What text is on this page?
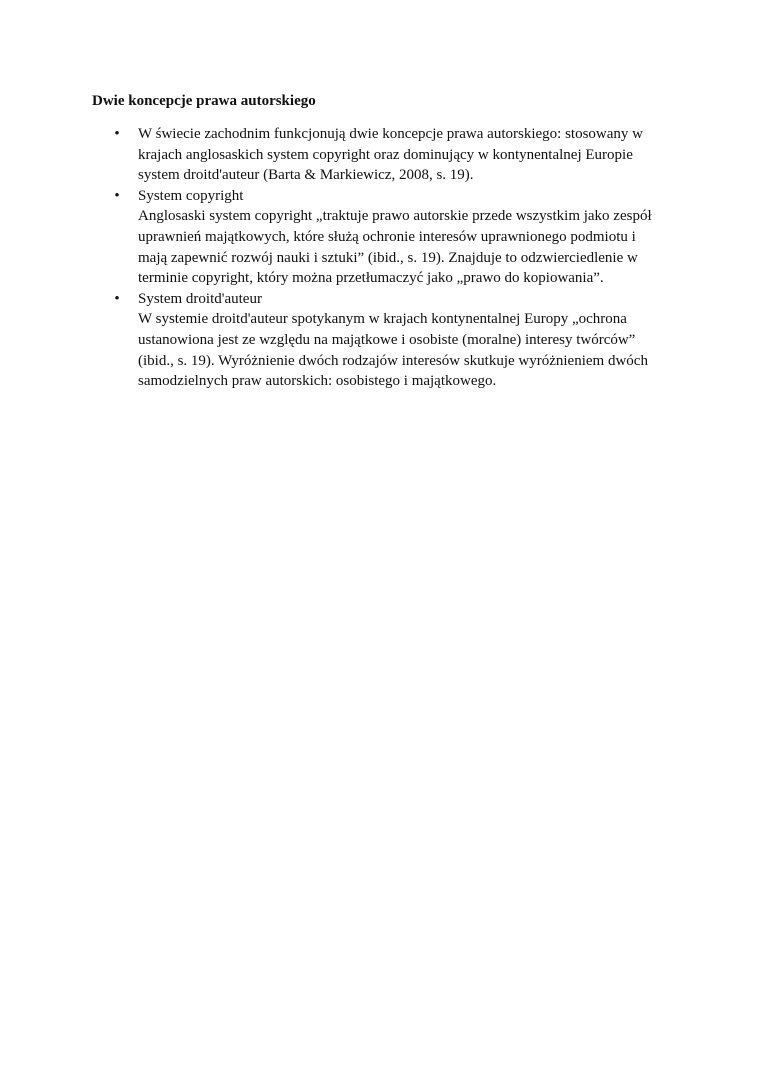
Dwie koncepcje prawa autorskiego
• W świecie zachodnim funkcjonują dwie koncepcje prawa autorskiego: stosowany w
krajach anglosaskich system copyright oraz dominujący w kontynentalnej Europie
system droitd'auteur (Barta & Markiewicz, 2008, s. 19).
• System copyright
Anglosaski system copyright „traktuje prawo autorskie przede wszystkim jako zespół
uprawnień majątkowych, które służą ochronie interesów uprawnionego podmiotu i
mają zapewnić rozwój nauki i sztuki” (ibid., s. 19). Znajduje to odzwierciedlenie w
terminie copyright, który można przetłumaczyć jako „prawo do kopiowania”.
• System droitd'auteur
W systemie droitd'auteur spotykanym w krajach kontynentalnej Europy „ochrona
ustanowiona jest ze względu na majątkowe i osobiste (moralne) interesy twórców”
(ibid., s. 19). Wyróżnienie dwóch rodzajów interesów skutkuje wyróżnieniem dwóch
samodzielnych praw autorskich: osobistego i majątkowego.
